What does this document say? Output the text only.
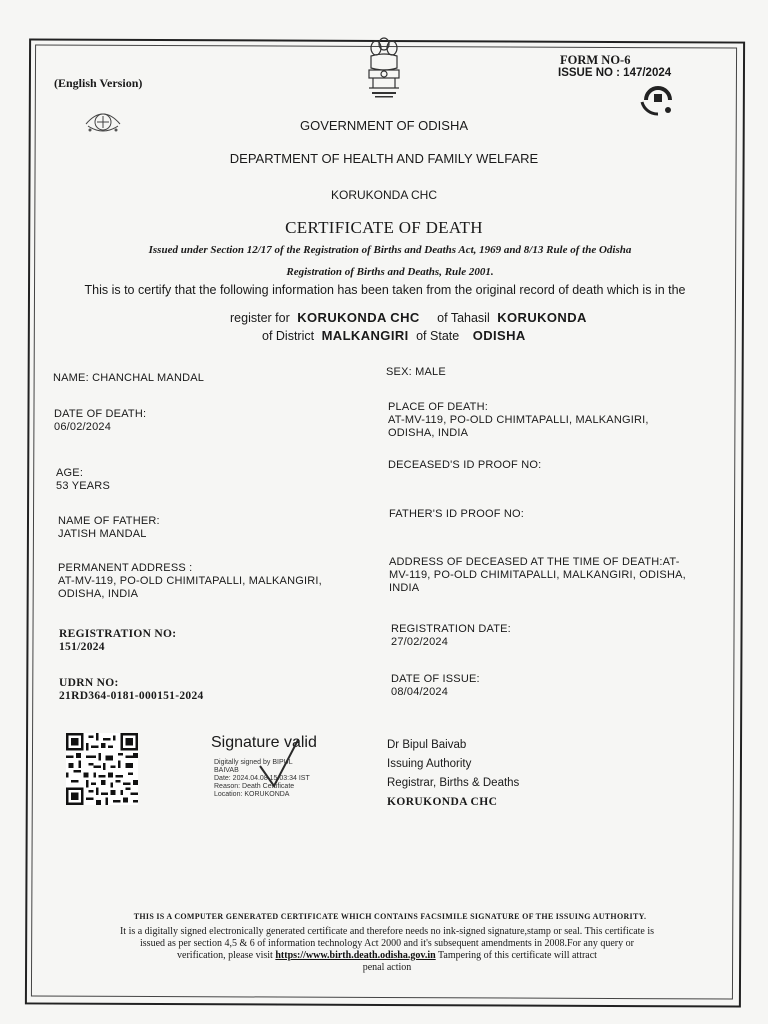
(English Version)
FORM NO-6
ISSUE NO : 147/2024
GOVERNMENT OF ODISHA
DEPARTMENT OF HEALTH AND FAMILY WELFARE
KORUKONDA CHC
CERTIFICATE OF DEATH
Issued under Section 12/17 of the Registration of Births and Deaths Act, 1969 and 8/13 Rule of the Odisha
Registration of Births and Deaths, Rule 2001.
This is to certify that the following information has been taken from the original record of death which is in the
register for KORUKONDA CHC of Tahasil KORUKONDA
of District MALKANGIRI of State ODISHA
NAME: CHANCHAL MANDAL	SEX: MALE
DATE OF DEATH:
06/02/2024
PLACE OF DEATH:
AT-MV-119, PO-OLD CHIMTAPALLI, MALKANGIRI,
ODISHA, INDIA
AGE:
53 YEARS
DECEASED'S ID PROOF NO:
NAME OF FATHER:
JATISH MANDAL
FATHER'S ID PROOF NO:
PERMANENT ADDRESS :
AT-MV-119, PO-OLD CHIMITAPALLI, MALKANGIRI,
ODISHA, INDIA
ADDRESS OF DECEASED AT THE TIME OF DEATH:AT-
MV-119, PO-OLD CHIMITAPALLI, MALKANGIRI, ODISHA,
INDIA
REGISTRATION NO:
151/2024
REGISTRATION DATE:
27/02/2024
UDRN NO:
21RD364-0181-000151-2024
DATE OF ISSUE:
08/04/2024
Signature valid
Digitally signed by BIPUL
BAIVAB
Date: 2024.04.08 15:03:34 IST
Reason: Death Certificate
Location: KORUKONDA
Dr Bipul Baivab
Issuing Authority
Registrar, Births & Deaths
KORUKONDA CHC
THIS IS A COMPUTER GENERATED CERTIFICATE WHICH CONTAINS FACSIMILE SIGNATURE OF THE ISSUING AUTHORITY.
It is a digitally signed electronically generated certificate and therefore needs no ink-signed signature,stamp or seal. This certificate is
issued as per section 4,5 & 6 of information technology Act 2000 and it's subsequent amendments in 2008.For any query or
verification, please visit https://www.birth.death.odisha.gov.in Tampering of this certificate will attract
penal action
